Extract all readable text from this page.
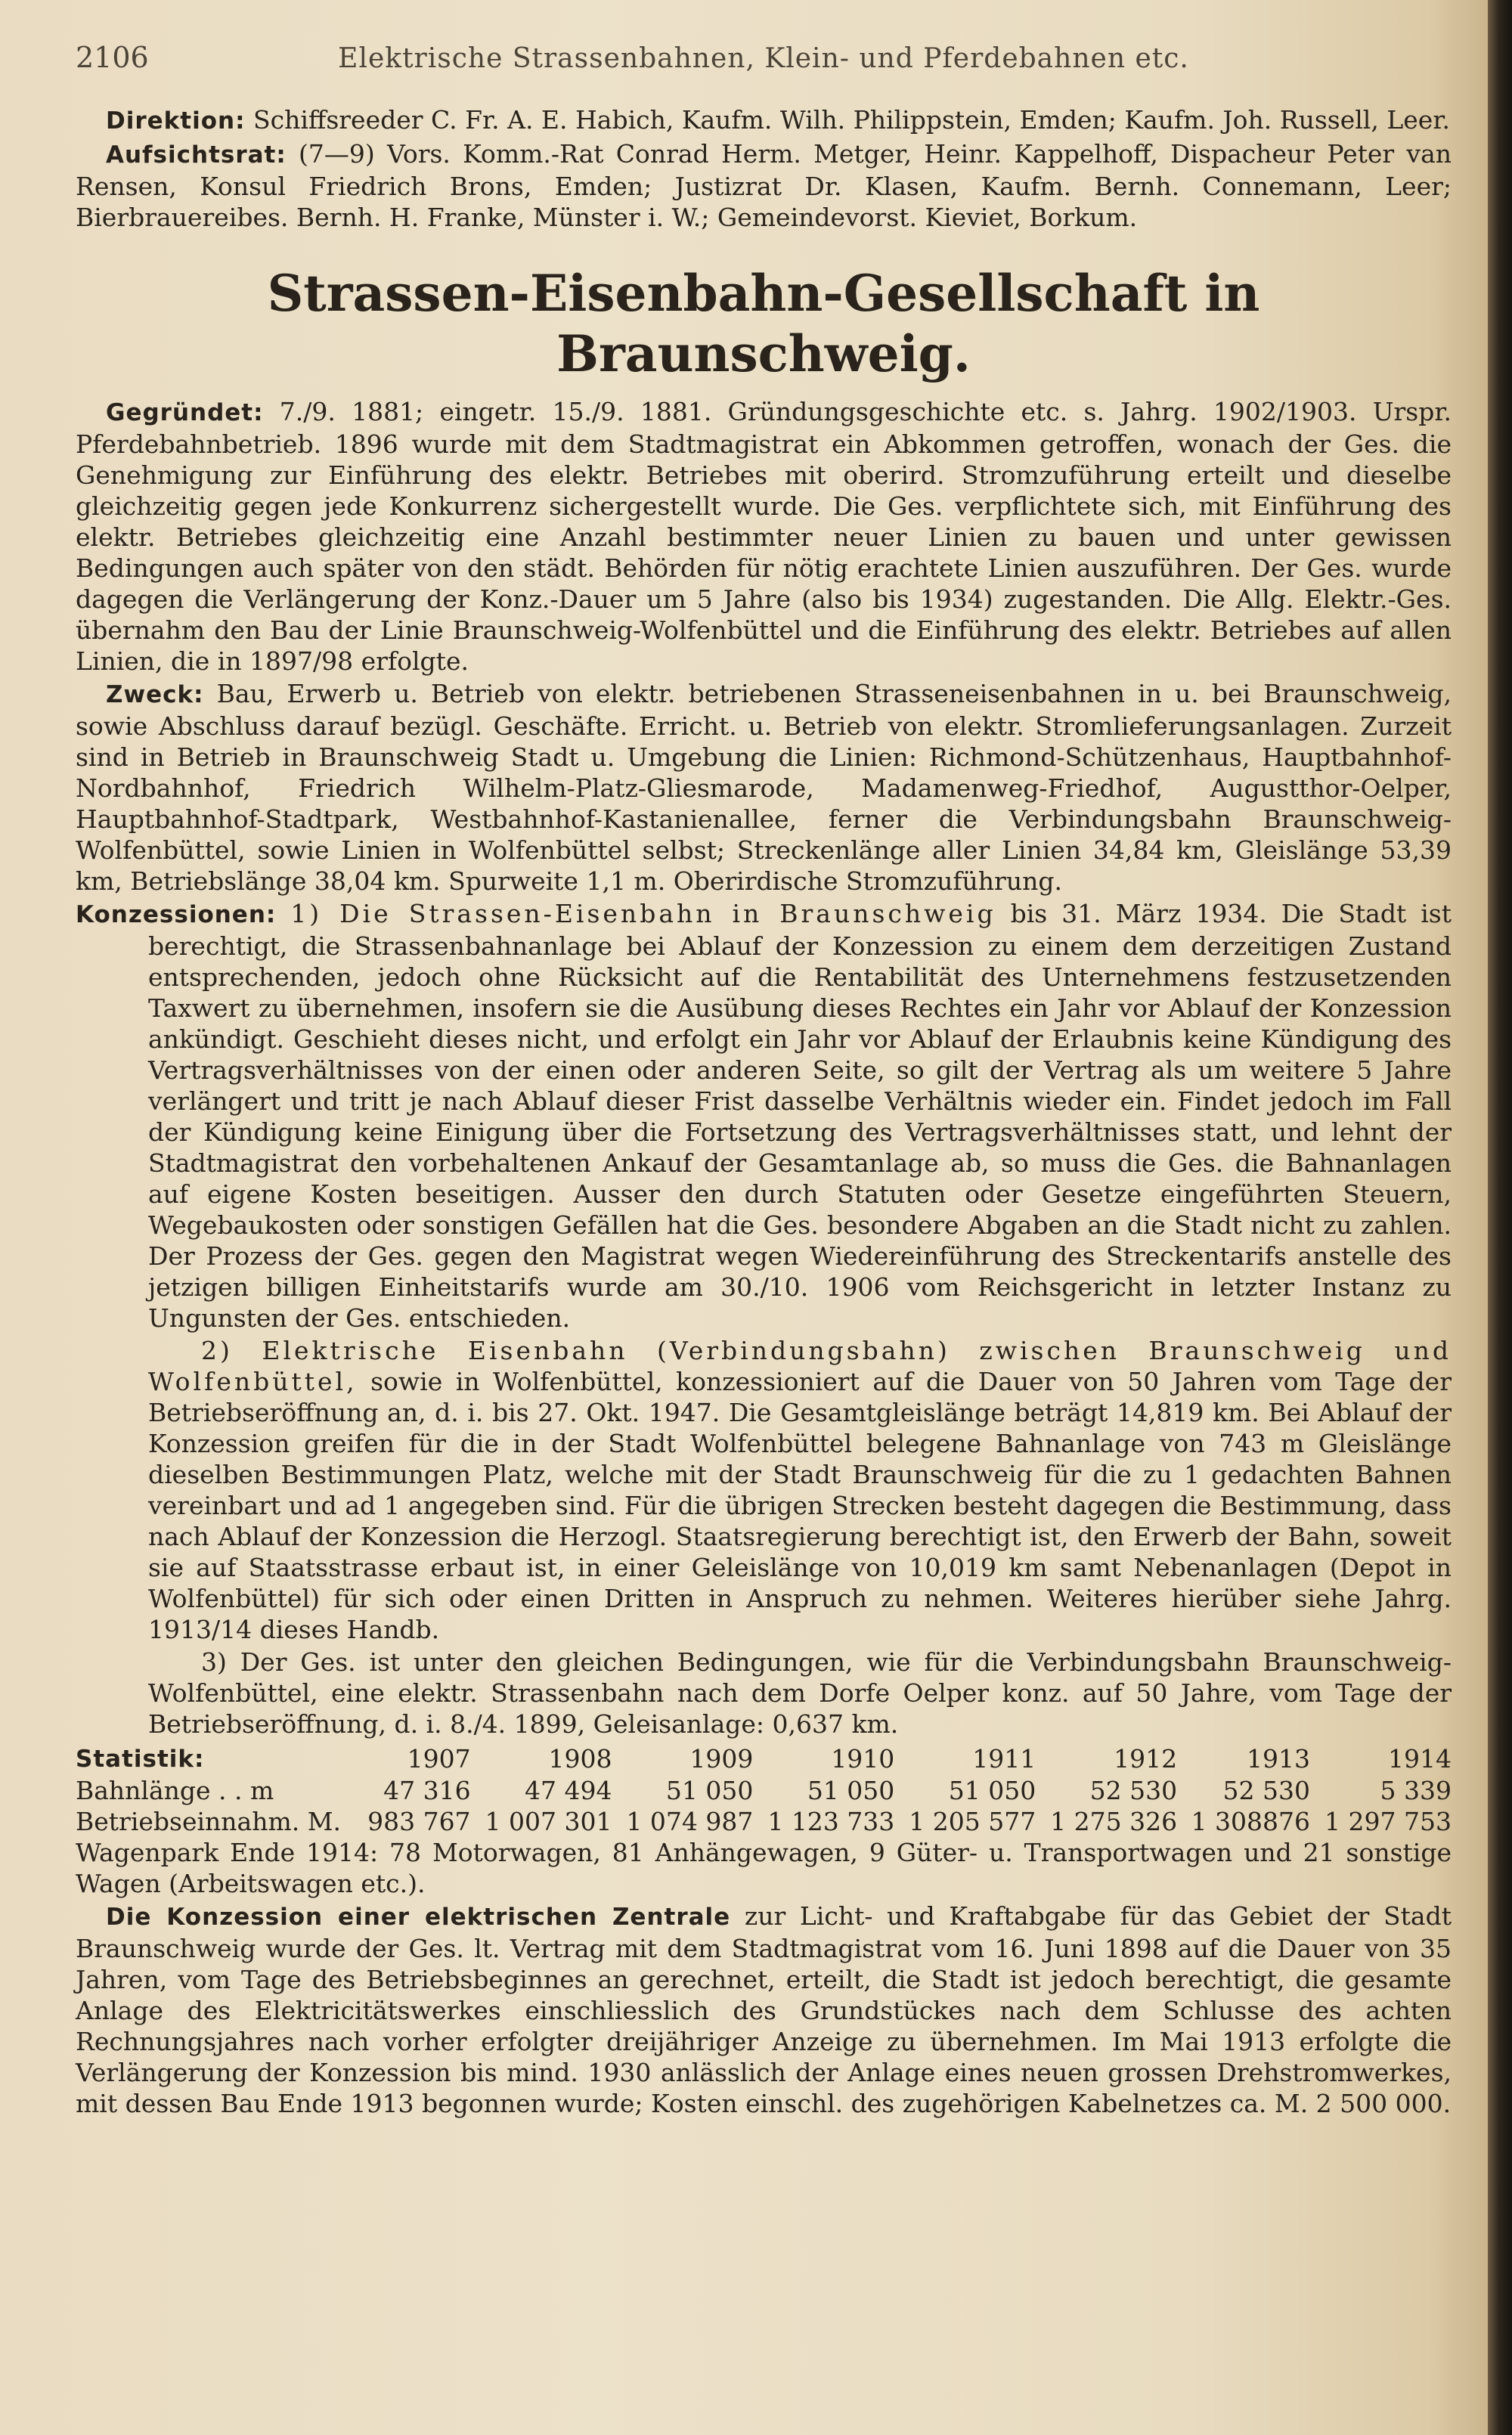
2106	Elektrische Strassenbahnen, Klein- und Pferdebahnen etc.

Direktion: Schiffsreeder C. Fr. A. E. Habich, Kaufm. Wilh. Philippstein, Emden; Kaufm. Joh. Russell, Leer.

Aufsichtsrat: (7—9) Vors. Komm.-Rat Conrad Herm. Metger, Heinr. Kappelhoff, Dispacheur Peter van Rensen, Konsul Friedrich Brons, Emden; Justizrat Dr. Klasen, Kaufm. Bernh. Connemann, Leer; Bierbrauereibes. Bernh. H. Franke, Münster i. W.; Gemeindevorst. Kieviet, Borkum.

Strassen-Eisenbahn-Gesellschaft in Braunschweig.

Gegründet: 7./9. 1881; eingetr. 15./9. 1881. Gründungsgeschichte etc. s. Jahrg. 1902/1903. Urspr. Pferdebahnbetrieb. 1896 wurde mit dem Stadtmagistrat ein Abkommen getroffen, wonach der Ges. die Genehmigung zur Einführung des elektr. Betriebes mit oberird. Stromzuführung erteilt und dieselbe gleichzeitig gegen jede Konkurrenz sichergestellt wurde. Die Ges. verpflichtete sich, mit Einführung des elektr. Betriebes gleichzeitig eine Anzahl bestimmter neuer Linien zu bauen und unter gewissen Bedingungen auch später von den städt. Behörden für nötig erachtete Linien auszuführen. Der Ges. wurde dagegen die Verlängerung der Konz.-Dauer um 5 Jahre (also bis 1934) zugestanden. Die Allg. Elektr.-Ges. übernahm den Bau der Linie Braunschweig-Wolfenbüttel und die Einführung des elektr. Betriebes auf allen Linien, die in 1897/98 erfolgte.

Zweck: Bau, Erwerb u. Betrieb von elektr. betriebenen Strasseneisenbahnen in u. bei Braunschweig, sowie Abschluss darauf bezügl. Geschäfte. Erricht. u. Betrieb von elektr. Stromlieferungsanlagen. Zurzeit sind in Betrieb in Braunschweig Stadt u. Umgebung die Linien: Richmond-Schützenhaus, Hauptbahnhof-Nordbahnhof, Friedrich Wilhelm-Platz-Gliesmarode, Madamenweg-Friedhof, Augustthor-Oelper, Hauptbahnhof-Stadtpark, Westbahnhof-Kastanienallee, ferner die Verbindungsbahn Braunschweig-Wolfenbüttel, sowie Linien in Wolfenbüttel selbst; Streckenlänge aller Linien 34,84 km, Gleislänge 53,39 km, Betriebslänge 38,04 km. Spurweite 1,1 m. Oberirdische Stromzuführung.

Konzessionen: 1) Die Strassen-Eisenbahn in Braunschweig bis 31. März 1934. Die Stadt ist berechtigt, die Strassenbahnanlage bei Ablauf der Konzession zu einem dem derzeitigen Zustand entsprechenden, jedoch ohne Rücksicht auf die Rentabilität des Unternehmens festzusetzenden Taxwert zu übernehmen, insofern sie die Ausübung dieses Rechtes ein Jahr vor Ablauf der Konzession ankündigt. Geschieht dieses nicht, und erfolgt ein Jahr vor Ablauf der Erlaubnis keine Kündigung des Vertragsverhältnisses von der einen oder anderen Seite, so gilt der Vertrag als um weitere 5 Jahre verlängert und tritt je nach Ablauf dieser Frist dasselbe Verhältnis wieder ein. Findet jedoch im Fall der Kündigung keine Einigung über die Fortsetzung des Vertragsverhältnisses statt, und lehnt der Stadtmagistrat den vorbehaltenen Ankauf der Gesamtanlage ab, so muss die Ges. die Bahnanlagen auf eigene Kosten beseitigen. Ausser den durch Statuten oder Gesetze eingeführten Steuern, Wegebaukosten oder sonstigen Gefällen hat die Ges. besondere Abgaben an die Stadt nicht zu zahlen. Der Prozess der Ges. gegen den Magistrat wegen Wiedereinführung des Streckentarifs anstelle des jetzigen billigen Einheitstarifs wurde am 30./10. 1906 vom Reichsgericht in letzter Instanz zu Ungunsten der Ges. entschieden.

2) Elektrische Eisenbahn (Verbindungsbahn) zwischen Braunschweig und Wolfenbüttel, sowie in Wolfenbüttel, konzessioniert auf die Dauer von 50 Jahren vom Tage der Betriebseröffnung an, d. i. bis 27. Okt. 1947. Die Gesamtgleislänge beträgt 14,819 km. Bei Ablauf der Konzession greifen für die in der Stadt Wolfenbüttel belegene Bahnanlage von 743 m Gleislänge dieselben Bestimmungen Platz, welche mit der Stadt Braunschweig für die zu 1 gedachten Bahnen vereinbart und ad 1 angegeben sind. Für die übrigen Strecken besteht dagegen die Bestimmung, dass nach Ablauf der Konzession die Herzogl. Staatsregierung berechtigt ist, den Erwerb der Bahn, soweit sie auf Staatsstrasse erbaut ist, in einer Geleislänge von 10,019 km samt Nebenanlagen (Depot in Wolfenbüttel) für sich oder einen Dritten in Anspruch zu nehmen. Weiteres hierüber siehe Jahrg. 1913/14 dieses Handb.

3) Der Ges. ist unter den gleichen Bedingungen, wie für die Verbindungsbahn Braunschweig-Wolfenbüttel, eine elektr. Strassenbahn nach dem Dorfe Oelper konz. auf 50 Jahre, vom Tage der Betriebseröffnung, d. i. 8./4. 1899, Geleisanlage: 0,637 km.

Statistik:	1907	1908	1909	1910	1911	1912	1913	1914
Bahnlänge . . m	47 316	47 494	51 050	51 050	51 050	52 530	52 530	5 339
Betriebseinnahm. M.	983 767	1 007 301	1 074 987	1 123 733	1 205 577	1 275 326	1 308876	1 297 753

Wagenpark Ende 1914: 78 Motorwagen, 81 Anhängewagen, 9 Güter- u. Transportwagen und 21 sonstige Wagen (Arbeitswagen etc.).

Die Konzession einer elektrischen Zentrale zur Licht- und Kraftabgabe für das Gebiet der Stadt Braunschweig wurde der Ges. lt. Vertrag mit dem Stadtmagistrat vom 16. Juni 1898 auf die Dauer von 35 Jahren, vom Tage des Betriebsbeginnes an gerechnet, erteilt, die Stadt ist jedoch berechtigt, die gesamte Anlage des Elektricitätswerkes einschliesslich des Grundstückes nach dem Schlusse des achten Rechnungsjahres nach vorher erfolgter dreijähriger Anzeige zu übernehmen. Im Mai 1913 erfolgte die Verlängerung der Konzession bis mind. 1930 anlässlich der Anlage eines neuen grossen Drehstromwerkes, mit dessen Bau Ende 1913 begonnen wurde; Kosten einschl. des zugehörigen Kabelnetzes ca. M. 2 500 000.
